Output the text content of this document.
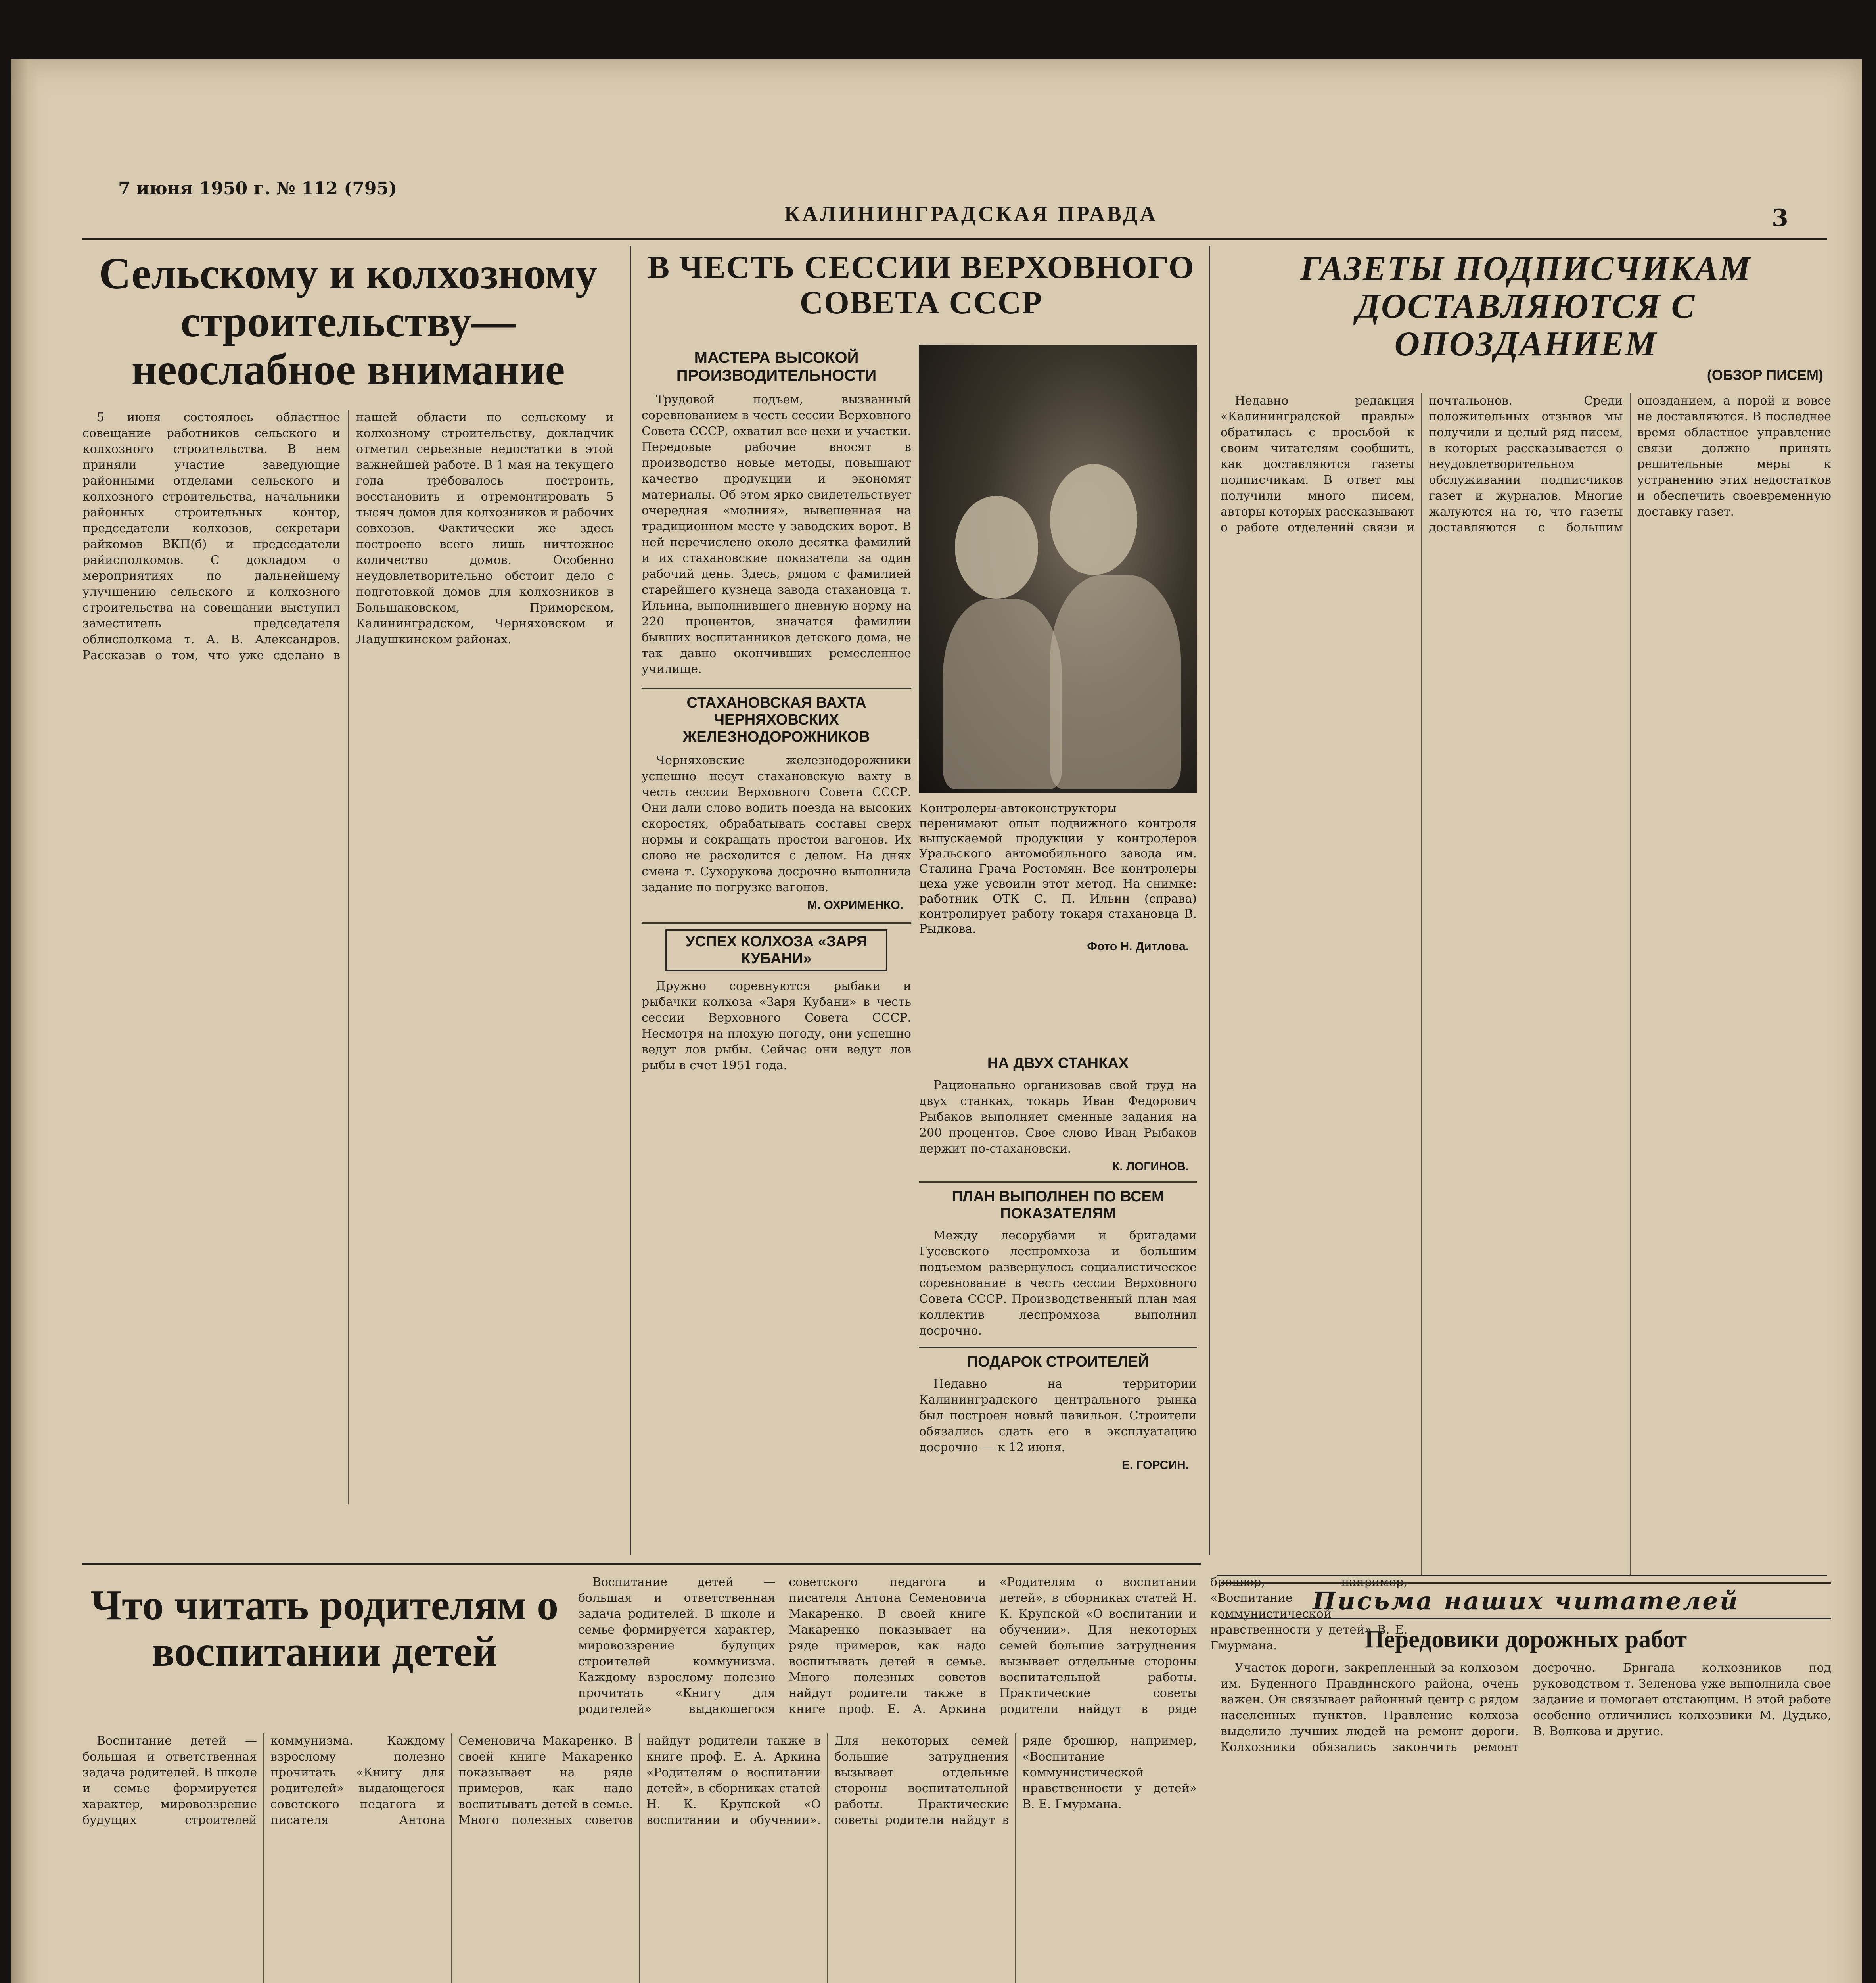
7 июня 1950 г. № 112 (795)
КАЛИНИНГРАДСКАЯ ПРАВДА	3
Сельскому и колхозному строительству— неослабное внимание

5 июня состоялось областное совещание работников сельского и колхозного строительства. В нем приняли участие заведующие районными отделами сельского и колхозного строительства, начальники районных строительных контор, председатели колхозов, секретари райкомов ВКП(б) и председатели райисполкомов. С докладом о мероприятиях по дальнейшему улучшению сельского и колхозного строительства на совещании выступил заместитель председателя облисполкома т. А. В. Александров. Рассказав о том, что уже сделано в нашей области по сельскому и колхозному строительству, докладчик отметил серьезные недостатки в этой важнейшей работе. В 1 мая на текущего года требовалось построить, восстановить и отремонтировать 5 тысяч домов для колхозников и рабочих совхозов. Фактически же здесь построено всего лишь ничтожное количество домов. Особенно неудовлетворительно обстоит дело с подготовкой домов для колхозников в Большаковском, Приморском, Калининградском, Черняховском и Ладушкинском районах.

В ЧЕСТЬ СЕССИИ ВЕРХОВНОГО СОВЕТА СССР
МАСТЕРА ВЫСОКОЙ ПРОИЗВОДИТЕЛЬНОСТИ

Трудовой подъем, вызванный соревнованием в честь сессии Верховного Совета СССР, охватил все цехи и участки. Передовые рабочие вносят в производство новые методы, повышают качество продукции и экономят материалы. Об этом ярко свидетельствует очередная «молния», вывешенная на традиционном месте у заводских ворот. В ней перечислено около десятка фамилий и их стахановские показатели за один рабочий день. Здесь, рядом с фамилией старейшего кузнеца завода стахановца т. Ильина, выполнившего дневную норму на 220 процентов, значатся фамилии бывших воспитанников детского дома, не так давно окончивших ремесленное училище.

СТАХАНОВСКАЯ ВАХТА ЧЕРНЯХОВСКИХ ЖЕЛЕЗНОДОРОЖНИКОВ

Черняховские железнодорожники успешно несут стахановскую вахту в честь сессии Верховного Совета СССР. Они дали слово водить поезда на высоких скоростях, обрабатывать составы сверх нормы и сокращать простои вагонов. Их слово не расходится с делом. На днях смена т. Сухорукова досрочно выполнила задание по погрузке вагонов.

М. ОХРИМЕНКО.
УСПЕХ КОЛХОЗА «ЗАРЯ КУБАНИ»

Дружно соревнуются рыбаки и рыбачки колхоза «Заря Кубани» в честь сессии Верховного Совета СССР. Несмотря на плохую погоду, они успешно ведут лов рыбы. Сейчас они ведут лов рыбы в счет 1951 года.

Контролеры-автоконструкторы перенимают опыт подвижного контроля выпускаемой продукции у контролеров Уральского автомобильного завода им. Сталина Грача Ростомян. Все контролеры цеха уже усвоили этот метод. На снимке: работник ОТК С. П. Ильин (справа) контролирует работу токаря стахановца В. Рыдкова.
Фото Н. Дитлова.
НА ДВУХ СТАНКАХ

Рационально организовав свой труд на двух станках, токарь Иван Федорович Рыбаков выполняет сменные задания на 200 процентов. Свое слово Иван Рыбаков держит по-стахановски.

К. ЛОГИНОВ.
ПЛАН ВЫПОЛНЕН ПО ВСЕМ ПОКАЗАТЕЛЯМ

Между лесорубами и бригадами Гусевского леспромхоза и большим подъемом развернулось социалистическое соревнование в честь сессии Верховного Совета СССР. Производственный план мая коллектив леспромхоза выполнил досрочно.

ПОДАРОК СТРОИТЕЛЕЙ

Недавно на территории Калининградского центрального рынка был построен новый павильон. Строители обязались сдать его в эксплуатацию досрочно — к 12 июня.

Е. ГОРСИН.
ГАЗЕТЫ ПОДПИСЧИКАМ ДОСТАВЛЯЮТСЯ С ОПОЗДАНИЕМ
(ОБЗОР ПИСЕМ)

Недавно редакция «Калининградской правды» обратилась с просьбой к своим читателям сообщить, как доставляются газеты подписчикам. В ответ мы получили много писем, авторы которых рассказывают о работе отделений связи и почтальонов. Среди положительных отзывов мы получили и целый ряд писем, в которых рассказывается о неудовлетворительном обслуживании подписчиков газет и журналов. Многие жалуются на то, что газеты доставляются с большим опозданием, а порой и вовсе не доставляются. В последнее время областное управление связи должно принять решительные меры к устранению этих недостатков и обеспечить своевременную доставку газет.

Что читать родителям о воспитании детей

Воспитание детей — большая и ответственная задача родителей. В школе и семье формируется характер, мировоззрение будущих строителей коммунизма. Каждому взрослому полезно прочитать «Книгу для родителей» выдающегося советского педагога и писателя Антона Семеновича Макаренко. В своей книге Макаренко показывает на ряде примеров, как надо воспитывать детей в семье. Много полезных советов найдут родители также в книге проф. Е. А. Аркина «Родителям о воспитании детей», в сборниках статей Н. К. Крупской «О воспитании и обучении». Для некоторых семей большие затруднения вызывает отдельные стороны воспитательной работы. Практические советы родители найдут в ряде брошюр, например, «Воспитание коммунистической нравственности у детей» В. Е. Гмурмана.

Воспитание детей — большая и ответственная задача родителей. В школе и семье формируется характер, мировоззрение будущих строителей коммунизма. Каждому взрослому полезно прочитать «Книгу для родителей» выдающегося советского педагога и писателя Антона Семеновича Макаренко. В своей книге Макаренко показывает на ряде примеров, как надо воспитывать детей в семье. Много полезных советов найдут родители также в книге проф. Е. А. Аркина «Родителям о воспитании детей», в сборниках статей Н. К. Крупской «О воспитании и обучении». Для некоторых семей большие затруднения вызывает отдельные стороны воспитательной работы. Практические советы родители найдут в ряде брошюр, например, «Воспитание коммунистической нравственности у детей» В. Е. Гмурмана.

Письма наших читателей
Передовики дорожных работ

Участок дороги, закрепленный за колхозом им. Буденного Правдинского района, очень важен. Он связывает районный центр с рядом населенных пунктов. Правление колхоза выделило лучших людей на ремонт дороги. Колхозники обязались закончить ремонт досрочно. Бригада колхозников под руководством т. Зеленова уже выполнила свое задание и помогает отстающим. В этой работе особенно отличились колхозники М. Дудько, В. Волкова и другие.
